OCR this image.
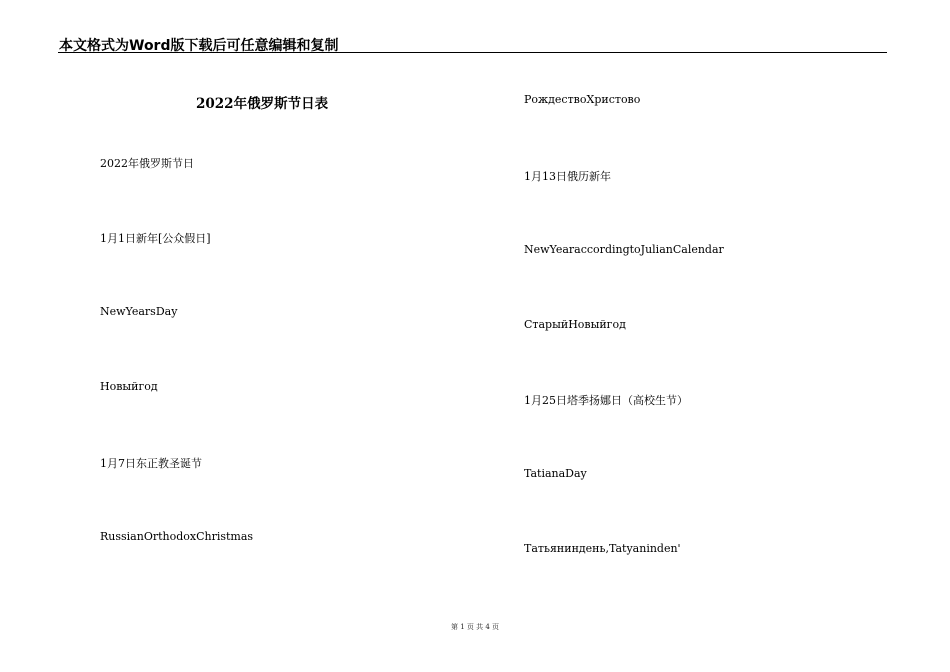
本文格式为Word版下载后可任意编辑和复制
2022年俄罗斯节日表
2022年俄罗斯节日
1月1日新年[公众假日]
NewYearsDay
Новыйгод
1月7日东正教圣诞节
RussianOrthodoxChristmas
РождествоХристово
1月13日俄历新年
NewYearaccordingtoJulianCalendar
СтарыйНовыйгод
1月25日塔季扬娜日（高校生节）
TatianaDay
Татьяниндень,Tatyaninden'
第 1 页 共 4 页
